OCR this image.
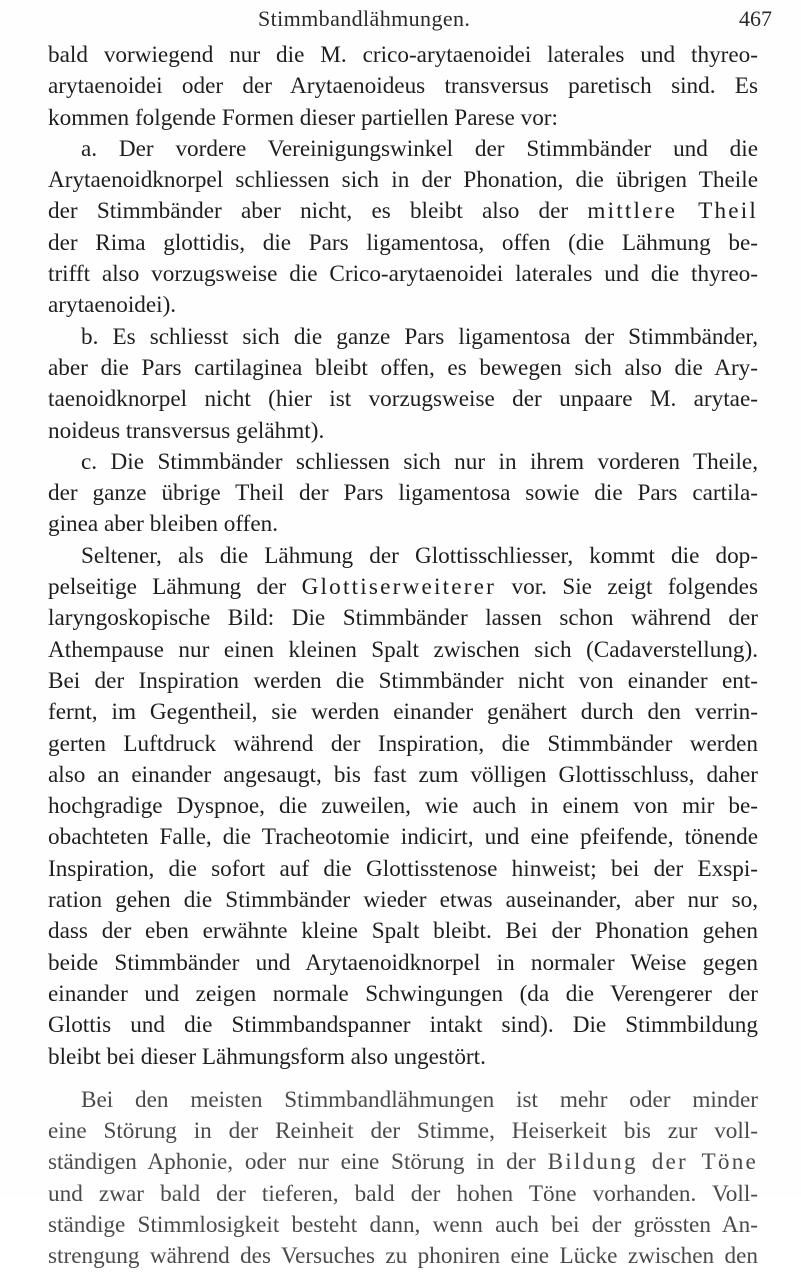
Stimmbandlähmungen.	467
bald vorwiegend nur die M. crico-arytaenoidei laterales und thyreo-
arytaenoidei oder der Arytaenoideus transversus paretisch sind. Es
kommen folgende Formen dieser partiellen Parese vor:
a. Der vordere Vereinigungswinkel der Stimmbänder und die
Arytaenoidknorpel schliessen sich in der Phonation, die übrigen Theile
der Stimmbänder aber nicht, es bleibt also der mittlere Theil
der Rima glottidis, die Pars ligamentosa, offen (die Lähmung be-
trifft also vorzugsweise die Crico-arytaenoidei laterales und die thyreo-
arytaenoidei).
b. Es schliesst sich die ganze Pars ligamentosa der Stimmbänder,
aber die Pars cartilaginea bleibt offen, es bewegen sich also die Ary-
taenoidknorpel nicht (hier ist vorzugsweise der unpaare M. arytae-
noideus transversus gelähmt).
c. Die Stimmbänder schliessen sich nur in ihrem vorderen Theile,
der ganze übrige Theil der Pars ligamentosa sowie die Pars cartila-
ginea aber bleiben offen.
Seltener, als die Lähmung der Glottisschliesser, kommt die dop-
pelseitige Lähmung der Glottiserweiterer vor. Sie zeigt folgendes
laryngoskopische Bild: Die Stimmbänder lassen schon während der
Athempause nur einen kleinen Spalt zwischen sich (Cadaverstellung).
Bei der Inspiration werden die Stimmbänder nicht von einander ent-
fernt, im Gegentheil, sie werden einander genähert durch den verrin-
gerten Luftdruck während der Inspiration, die Stimmbänder werden
also an einander angesaugt, bis fast zum völligen Glottisschluss, daher
hochgradige Dyspnoe, die zuweilen, wie auch in einem von mir be-
obachteten Falle, die Tracheotomie indicirt, und eine pfeifende, tönende
Inspiration, die sofort auf die Glottisstenose hinweist; bei der Exspi-
ration gehen die Stimmbänder wieder etwas auseinander, aber nur so,
dass der eben erwähnte kleine Spalt bleibt. Bei der Phonation gehen
beide Stimmbänder und Arytaenoidknorpel in normaler Weise gegen
einander und zeigen normale Schwingungen (da die Verengerer der
Glottis und die Stimmbandspanner intakt sind). Die Stimmbildung
bleibt bei dieser Lähmungsform also ungestört.
Bei den meisten Stimmbandlähmungen ist mehr oder minder
eine Störung in der Reinheit der Stimme, Heiserkeit bis zur voll-
ständigen Aphonie, oder nur eine Störung in der Bildung der Töne
und zwar bald der tieferen, bald der hohen Töne vorhanden. Voll-
ständige Stimmlosigkeit besteht dann, wenn auch bei der grössten An-
strengung während des Versuches zu phoniren eine Lücke zwischen den
